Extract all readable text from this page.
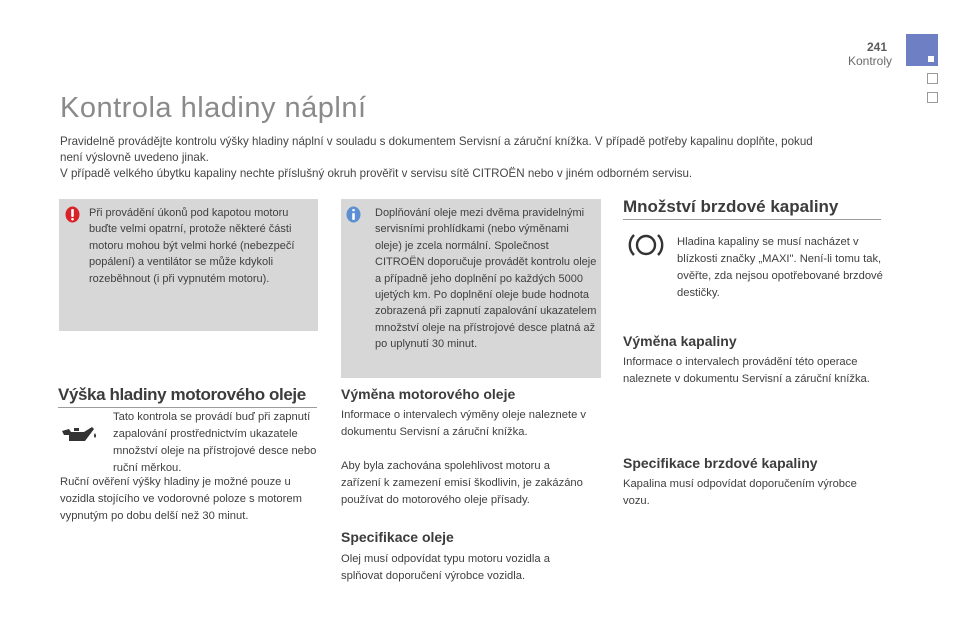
241
Kontroly
Kontrola hladiny náplní

Pravidelně provádějte kontrolu výšky hladiny náplní v souladu s dokumentem Servisní a záruční knížka. V případě potřeby kapalinu doplňte, pokud

není výslovně uvedeno jinak.

V případě velkého úbytku kapaliny nechte příslušný okruh prověřit v servisu sítě CITROËN nebo v jiném odborném servisu.

Při provádění úkonů pod kapotou motoru buďte velmi opatrní, protože některé části motoru mohou být velmi horké (nebezpečí popálení) a ventilátor se může kdykoli rozeběhnout (i při vypnutém motoru).
Doplňování oleje mezi dvěma pravidelnými servisními prohlídkami (nebo výměnami oleje) je zcela normální. Společnost CITROËN doporučuje provádět kontrolu oleje a případně jeho doplnění po každých 5000 ujetých km. Po doplnění oleje bude hodnota zobrazená při zapnutí zapalování ukazatelem množství oleje na přístrojové desce platná až po uplynutí 30 minut.
Výška hladiny motorového oleje
Tato kontrola se provádí buď při zapnutí zapalování prostřednictvím ukazatele množství oleje na přístrojové desce nebo ruční měrkou.
Ruční ověření výšky hladiny je možné pouze u vozidla stojícího ve vodorovné poloze s motorem vypnutým po dobu delší než 30 minut.
Výměna motorového oleje
Informace o intervalech výměny oleje naleznete v dokumentu Servisní a záruční knížka.
Aby byla zachována spolehlivost motoru a zařízení k zamezení emisí škodlivin, je zakázáno používat do motorového oleje přísady.
Specifikace oleje
Olej musí odpovídat typu motoru vozidla a splňovat doporučení výrobce vozidla.
Množství brzdové kapaliny
Hladina kapaliny se musí nacházet v blízkosti značky „MAXI". Není-li tomu tak, ověřte, zda nejsou opotřebované brzdové destičky.
Výměna kapaliny
Informace o intervalech provádění této operace naleznete v dokumentu Servisní a záruční knížka.
Specifikace brzdové kapaliny
Kapalina musí odpovídat doporučením výrobce vozu.
